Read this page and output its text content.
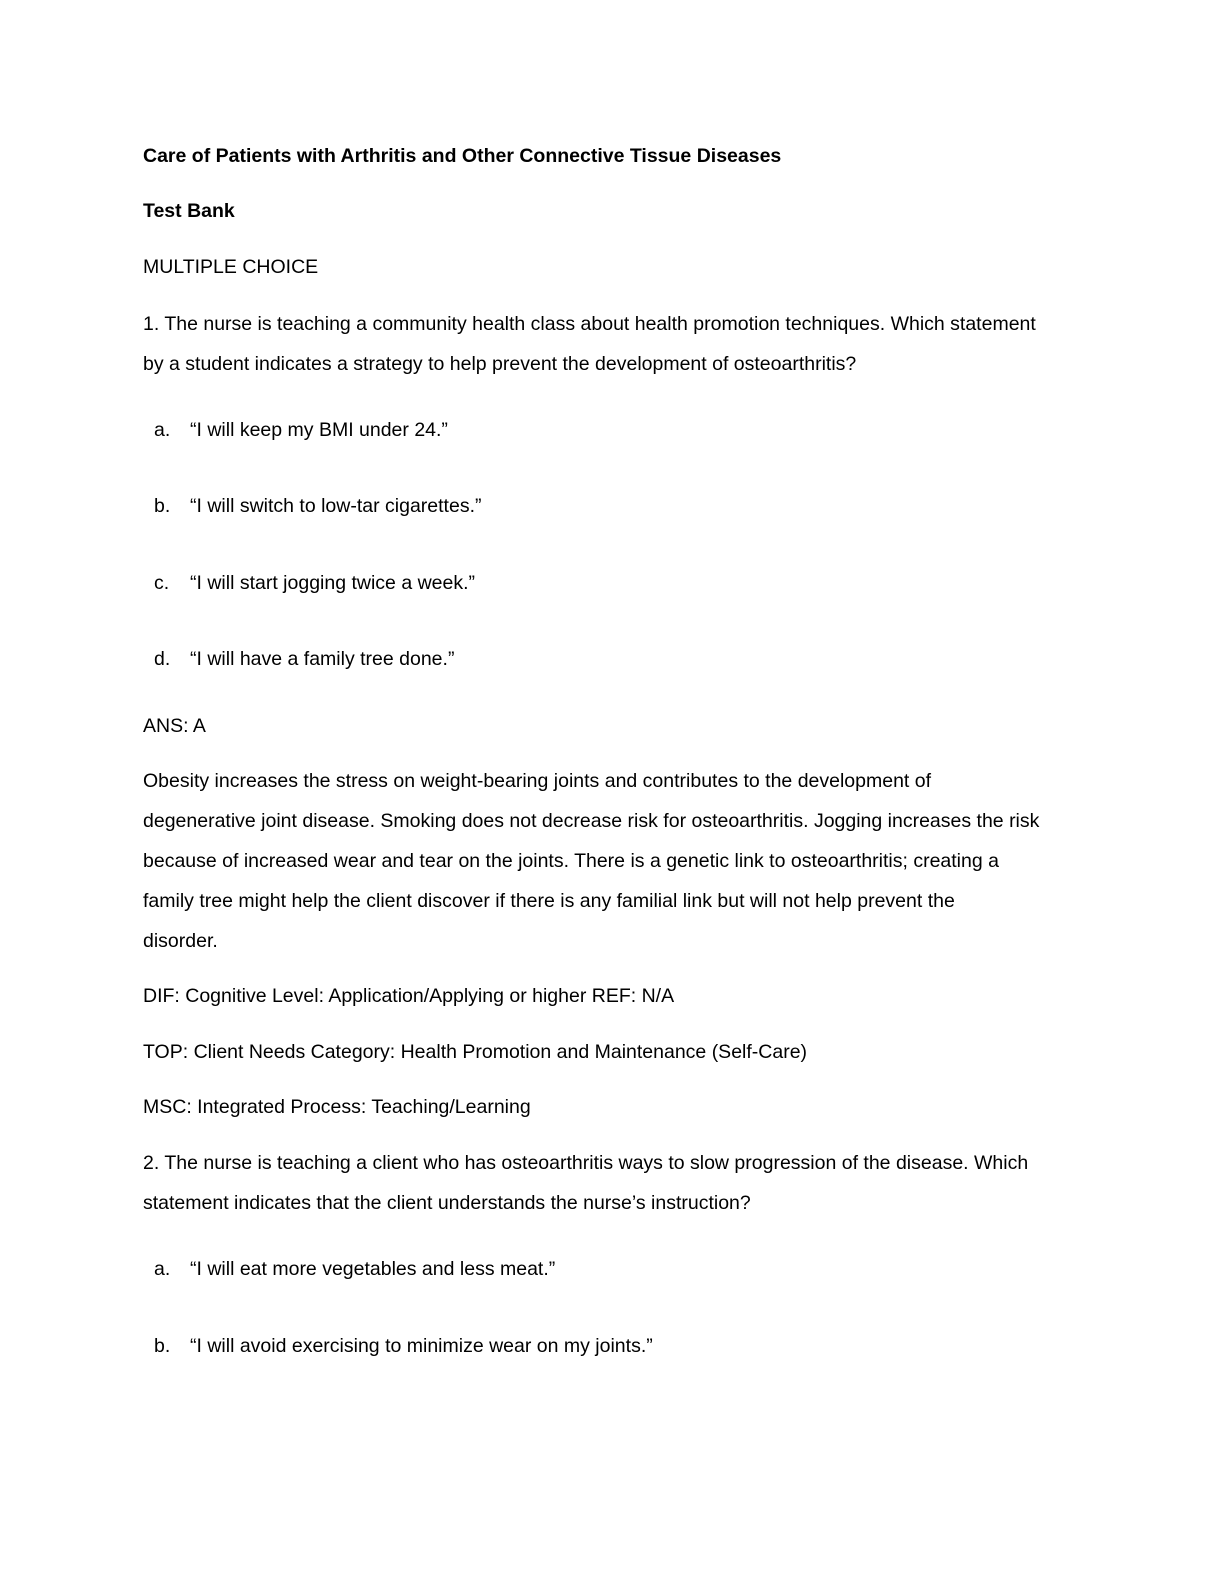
Care of Patients with Arthritis and Other Connective Tissue Diseases
Test Bank
MULTIPLE CHOICE
1. The nurse is teaching a community health class about health promotion techniques. Which statement
by a student indicates a strategy to help prevent the development of osteoarthritis?
a. “I will keep my BMI under 24.”
b. “I will switch to low-tar cigarettes.”
c. “I will start jogging twice a week.”
d. “I will have a family tree done.”
ANS: A
Obesity increases the stress on weight-bearing joints and contributes to the development of
degenerative joint disease. Smoking does not decrease risk for osteoarthritis. Jogging increases the risk
because of increased wear and tear on the joints. There is a genetic link to osteoarthritis; creating a
family tree might help the client discover if there is any familial link but will not help prevent the
disorder.
DIF: Cognitive Level: Application/Applying or higher REF: N/A
TOP: Client Needs Category: Health Promotion and Maintenance (Self-Care)
MSC: Integrated Process: Teaching/Learning
2. The nurse is teaching a client who has osteoarthritis ways to slow progression of the disease. Which
statement indicates that the client understands the nurse’s instruction?
a. “I will eat more vegetables and less meat.”
b. “I will avoid exercising to minimize wear on my joints.”
